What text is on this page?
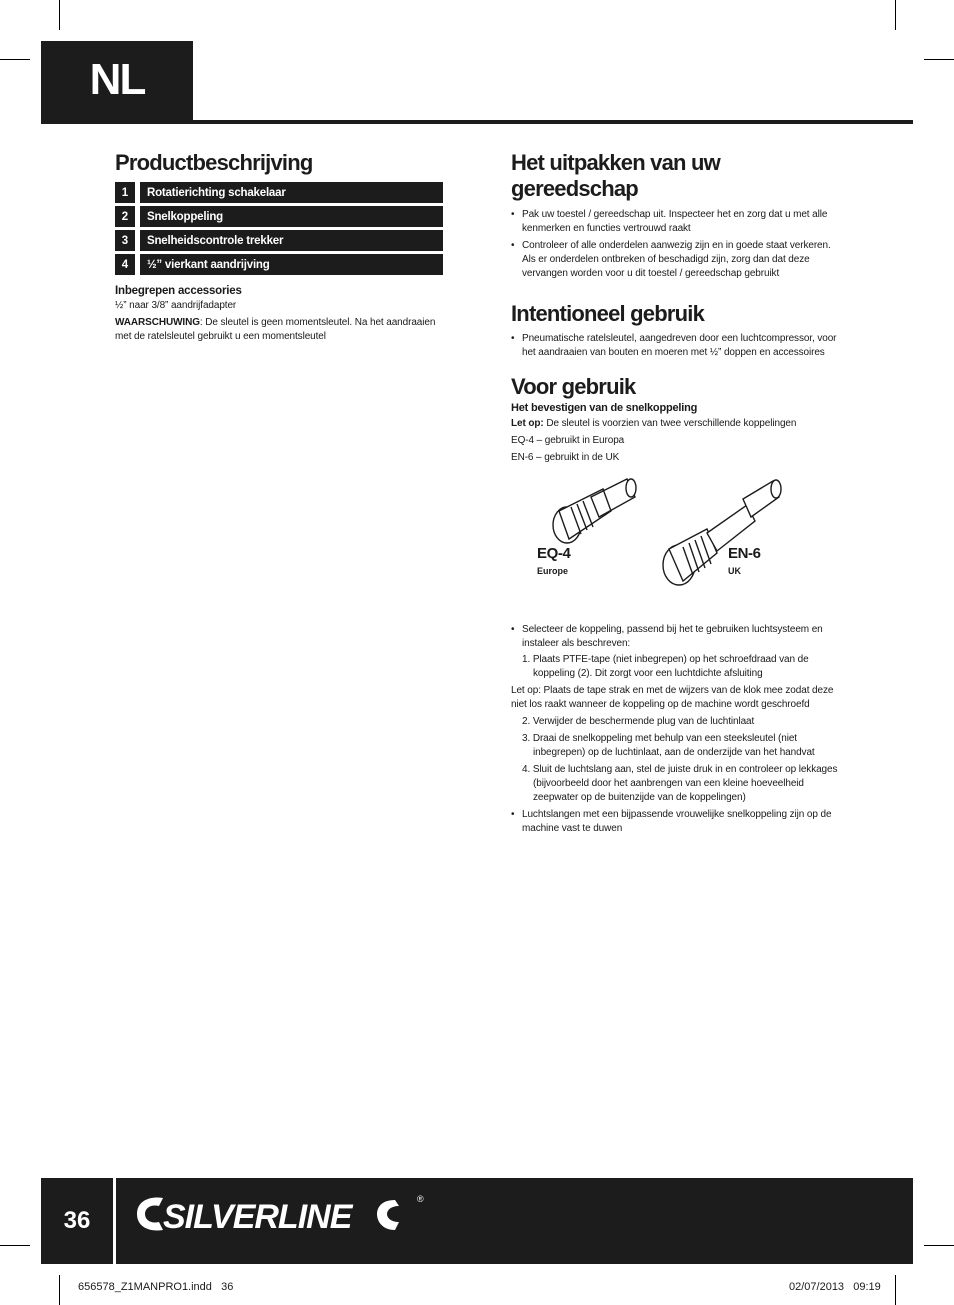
NL
Productbeschrijving
1	Rotatierichting schakelaar
2	Snelkoppeling
3	Snelheidscontrole trekker
4	½” vierkant aandrijving
Inbegrepen accessories

½” naar 3/8” aandrijfadapter

WAARSCHUWING: De sleutel is geen momentsleutel. Na het aandraaien met de ratelsleutel gebruikt u een momentsleutel

Het uitpakken van uw
gereedschap
• Pak uw toestel / gereedschap uit. Inspecteer het en zorg dat u met alle kenmerken en functies vertrouwd raakt
• Controleer of alle onderdelen aanwezig zijn en in goede staat verkeren. Als er onderdelen ontbreken of beschadigd zijn, zorg dan dat deze vervangen worden voor u dit toestel / gereedschap gebruikt
Intentioneel gebruik
• Pneumatische ratelsleutel, aangedreven door een luchtcompressor, voor het aandraaien van bouten en moeren met ½” doppen en accessoires
Voor gebruik
Het bevestigen van de snelkoppeling

Let op: De sleutel is voorzien van twee verschillende koppelingen

EQ-4 – gebruikt in Europa

EN-6 – gebruikt in de UK

EQ-4
Europe
EN-6
UK
• Selecteer de koppeling, passend bij het te gebruiken luchtsysteem en instaleer als beschreven:

1. Plaats PTFE-tape (niet inbegrepen) op het schroefdraad van de koppeling (2). Dit zorgt voor een luchtdichte afsluiting

Let op: Plaats de tape strak en met de wijzers van de klok mee zodat deze niet los raakt wanneer de koppeling op de machine wordt geschroefd

2. Verwijder de beschermende plug van de luchtinlaat

3. Draai de snelkoppeling met behulp van een steeksleutel (niet inbegrepen) op de luchtinlaat, aan de onderzijde van het handvat

4. Sluit de luchtslang aan, stel de juiste druk in en controleer op lekkages (bijvoorbeeld door het aanbrengen van een kleine hoeveelheid zeepwater op de buitenzijde van de koppelingen)

• Luchtslangen met een bijpassende vrouwelijke snelkoppeling zijn op de machine vast te duwen
36	SILVERLINE	®
656578_Z1MANPRO1.indd   36	02/07/2013   09:19
